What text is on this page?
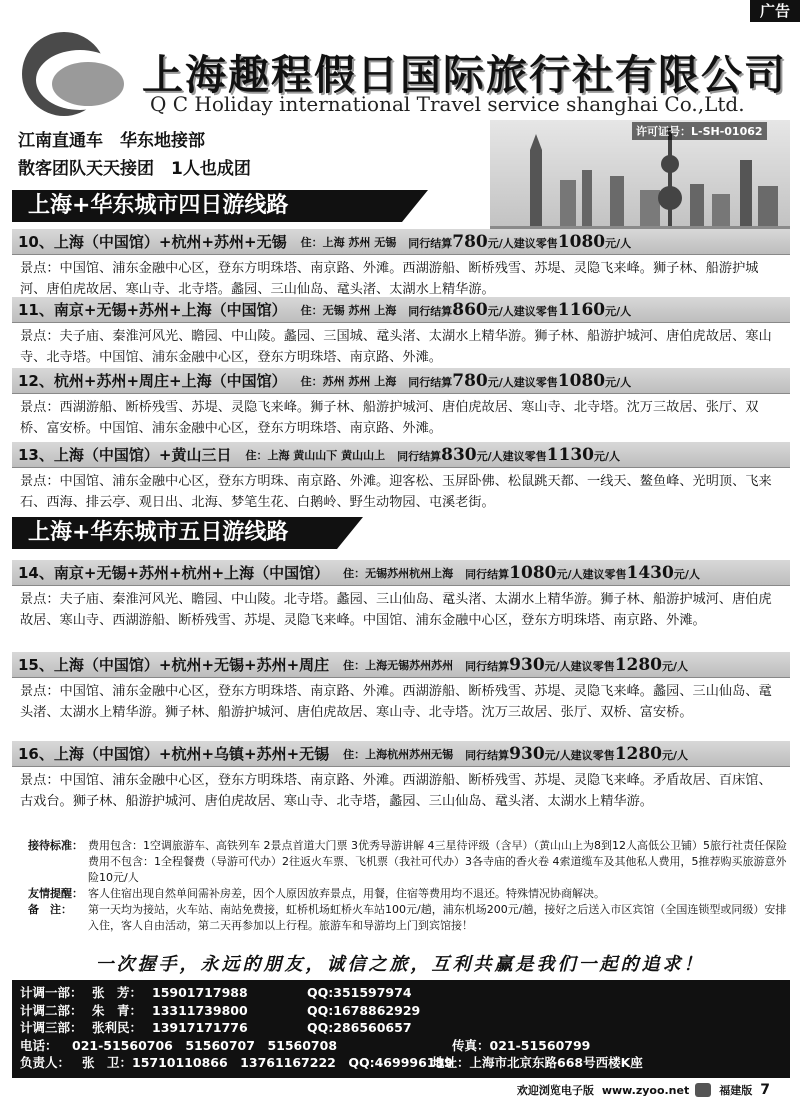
广告
上海趣程假日国际旅行社有限公司
Q C Holiday international Travel service shanghai Co.,Ltd.
许可证号：L-SH-01062
江南直通车　华东地接部
散客团队天天接团　1人也成团
上海+华东城市四日游线路
10、上海（中国馆）+杭州+苏州+无锡 住：上海 苏州 无锡 同行结算780元/人建议零售1080元/人
景点：中国馆、浦东金融中心区，登东方明珠塔、南京路、外滩。西湖游船、断桥残雪、苏堤、灵隐飞来峰。狮子林、船游护城河、唐伯虎故居、寒山寺、北寺塔。蠡园、三山仙岛、鼋头渚、太湖水上精华游。
11、南京+无锡+苏州+上海（中国馆） 住：无锡 苏州 上海 同行结算860元/人建议零售1160元/人
景点：夫子庙、秦淮河风光、瞻园、中山陵。蠡园、三国城、鼋头渚、太湖水上精华游。狮子林、船游护城河、唐伯虎故居、寒山寺、北寺塔。中国馆、浦东金融中心区，登东方明珠塔、南京路、外滩。
12、杭州+苏州+周庄+上海（中国馆） 住：苏州 苏州 上海 同行结算780元/人建议零售1080元/人
景点：西湖游船、断桥残雪、苏堤、灵隐飞来峰。狮子林、船游护城河、唐伯虎故居、寒山寺、北寺塔。沈万三故居、张厅、双桥、富安桥。中国馆、浦东金融中心区，登东方明珠塔、南京路、外滩。
13、上海（中国馆）+黄山三日 住：上海 黄山山下 黄山山上 同行结算830元/人建议零售1130元/人
景点：中国馆、浦东金融中心区，登东方明珠、南京路、外滩。迎客松、玉屏卧佛、松鼠跳天都、一线天、鳌鱼峰、光明顶、飞来石、西海、排云亭、观日出、北海、梦笔生花、白鹅岭、野生动物园、屯溪老街。
上海+华东城市五日游线路
14、南京+无锡+苏州+杭州+上海（中国馆） 住：无锡苏州杭州上海 同行结算1080元/人建议零售1430元/人
景点：夫子庙、秦淮河风光、瞻园、中山陵。北寺塔。蠡园、三山仙岛、鼋头渚、太湖水上精华游。狮子林、船游护城河、唐伯虎故居、寒山寺、西湖游船、断桥残雪、苏堤、灵隐飞来峰。中国馆、浦东金融中心区，登东方明珠塔、南京路、外滩。
15、上海（中国馆）+杭州+无锡+苏州+周庄 住：上海无锡苏州苏州 同行结算930元/人建议零售1280元/人
景点：中国馆、浦东金融中心区，登东方明珠塔、南京路、外滩。西湖游船、断桥残雪、苏堤、灵隐飞来峰。蠡园、三山仙岛、鼋头渚、太湖水上精华游。狮子林、船游护城河、唐伯虎故居、寒山寺、北寺塔。沈万三故居、张厅、双桥、富安桥。
16、上海（中国馆）+杭州+乌镇+苏州+无锡 住：上海杭州苏州无锡 同行结算930元/人建议零售1280元/人
景点：中国馆、浦东金融中心区，登东方明珠塔、南京路、外滩。西湖游船、断桥残雪、苏堤、灵隐飞来峰。矛盾故居、百床馆、古戏台。狮子林、船游护城河、唐伯虎故居、寒山寺、北寺塔，蠡园、三山仙岛、鼋头渚、太湖水上精华游。
接待标准： 费用包含：1空调旅游车、高铁列车 2景点首道大门票 3优秀导游讲解 4三星待评级（含早）（黄山山上为8到12人高低公卫铺）5旅行社责任保险
费用不包含：1全程餐费（导游可代办）2往返火车票、飞机票（我社可代办）3各寺庙的香火卷 4索道缆车及其他私人费用，5推荐购买旅游意外险10元/人
友情提醒： 客人住宿出现自然单间需补房差，因个人原因放弃景点，用餐，住宿等费用均不退还。特殊情况协商解决。
备　注：	第一天均为接站，火车站、南站免费接，虹桥机场虹桥火车站100元/趟，浦东机场200元/趟，接好之后送入市区宾馆（全国连锁型或同级）安排入住，客人自由活动，第二天再参加以上行程。旅游车和导游均上门到宾馆接！
一次握手，永远的朋友，诚信之旅，互利共赢是我们一起的追求！
计调一部： 张　芳： 15901717988	QQ:351597974
计调二部： 朱　青： 13311739800	QQ:1678862929
计调三部： 张利民： 13917171776	QQ:286560657
电话：	021-51560706　51560707　51560708	传真：021-51560799
负责人： 张　卫： 15710110866　13761167222　QQ:469996139
地址：上海市北京东路668号西楼K座
欢迎浏览电子版 www.zyoo.net	福建版 7
